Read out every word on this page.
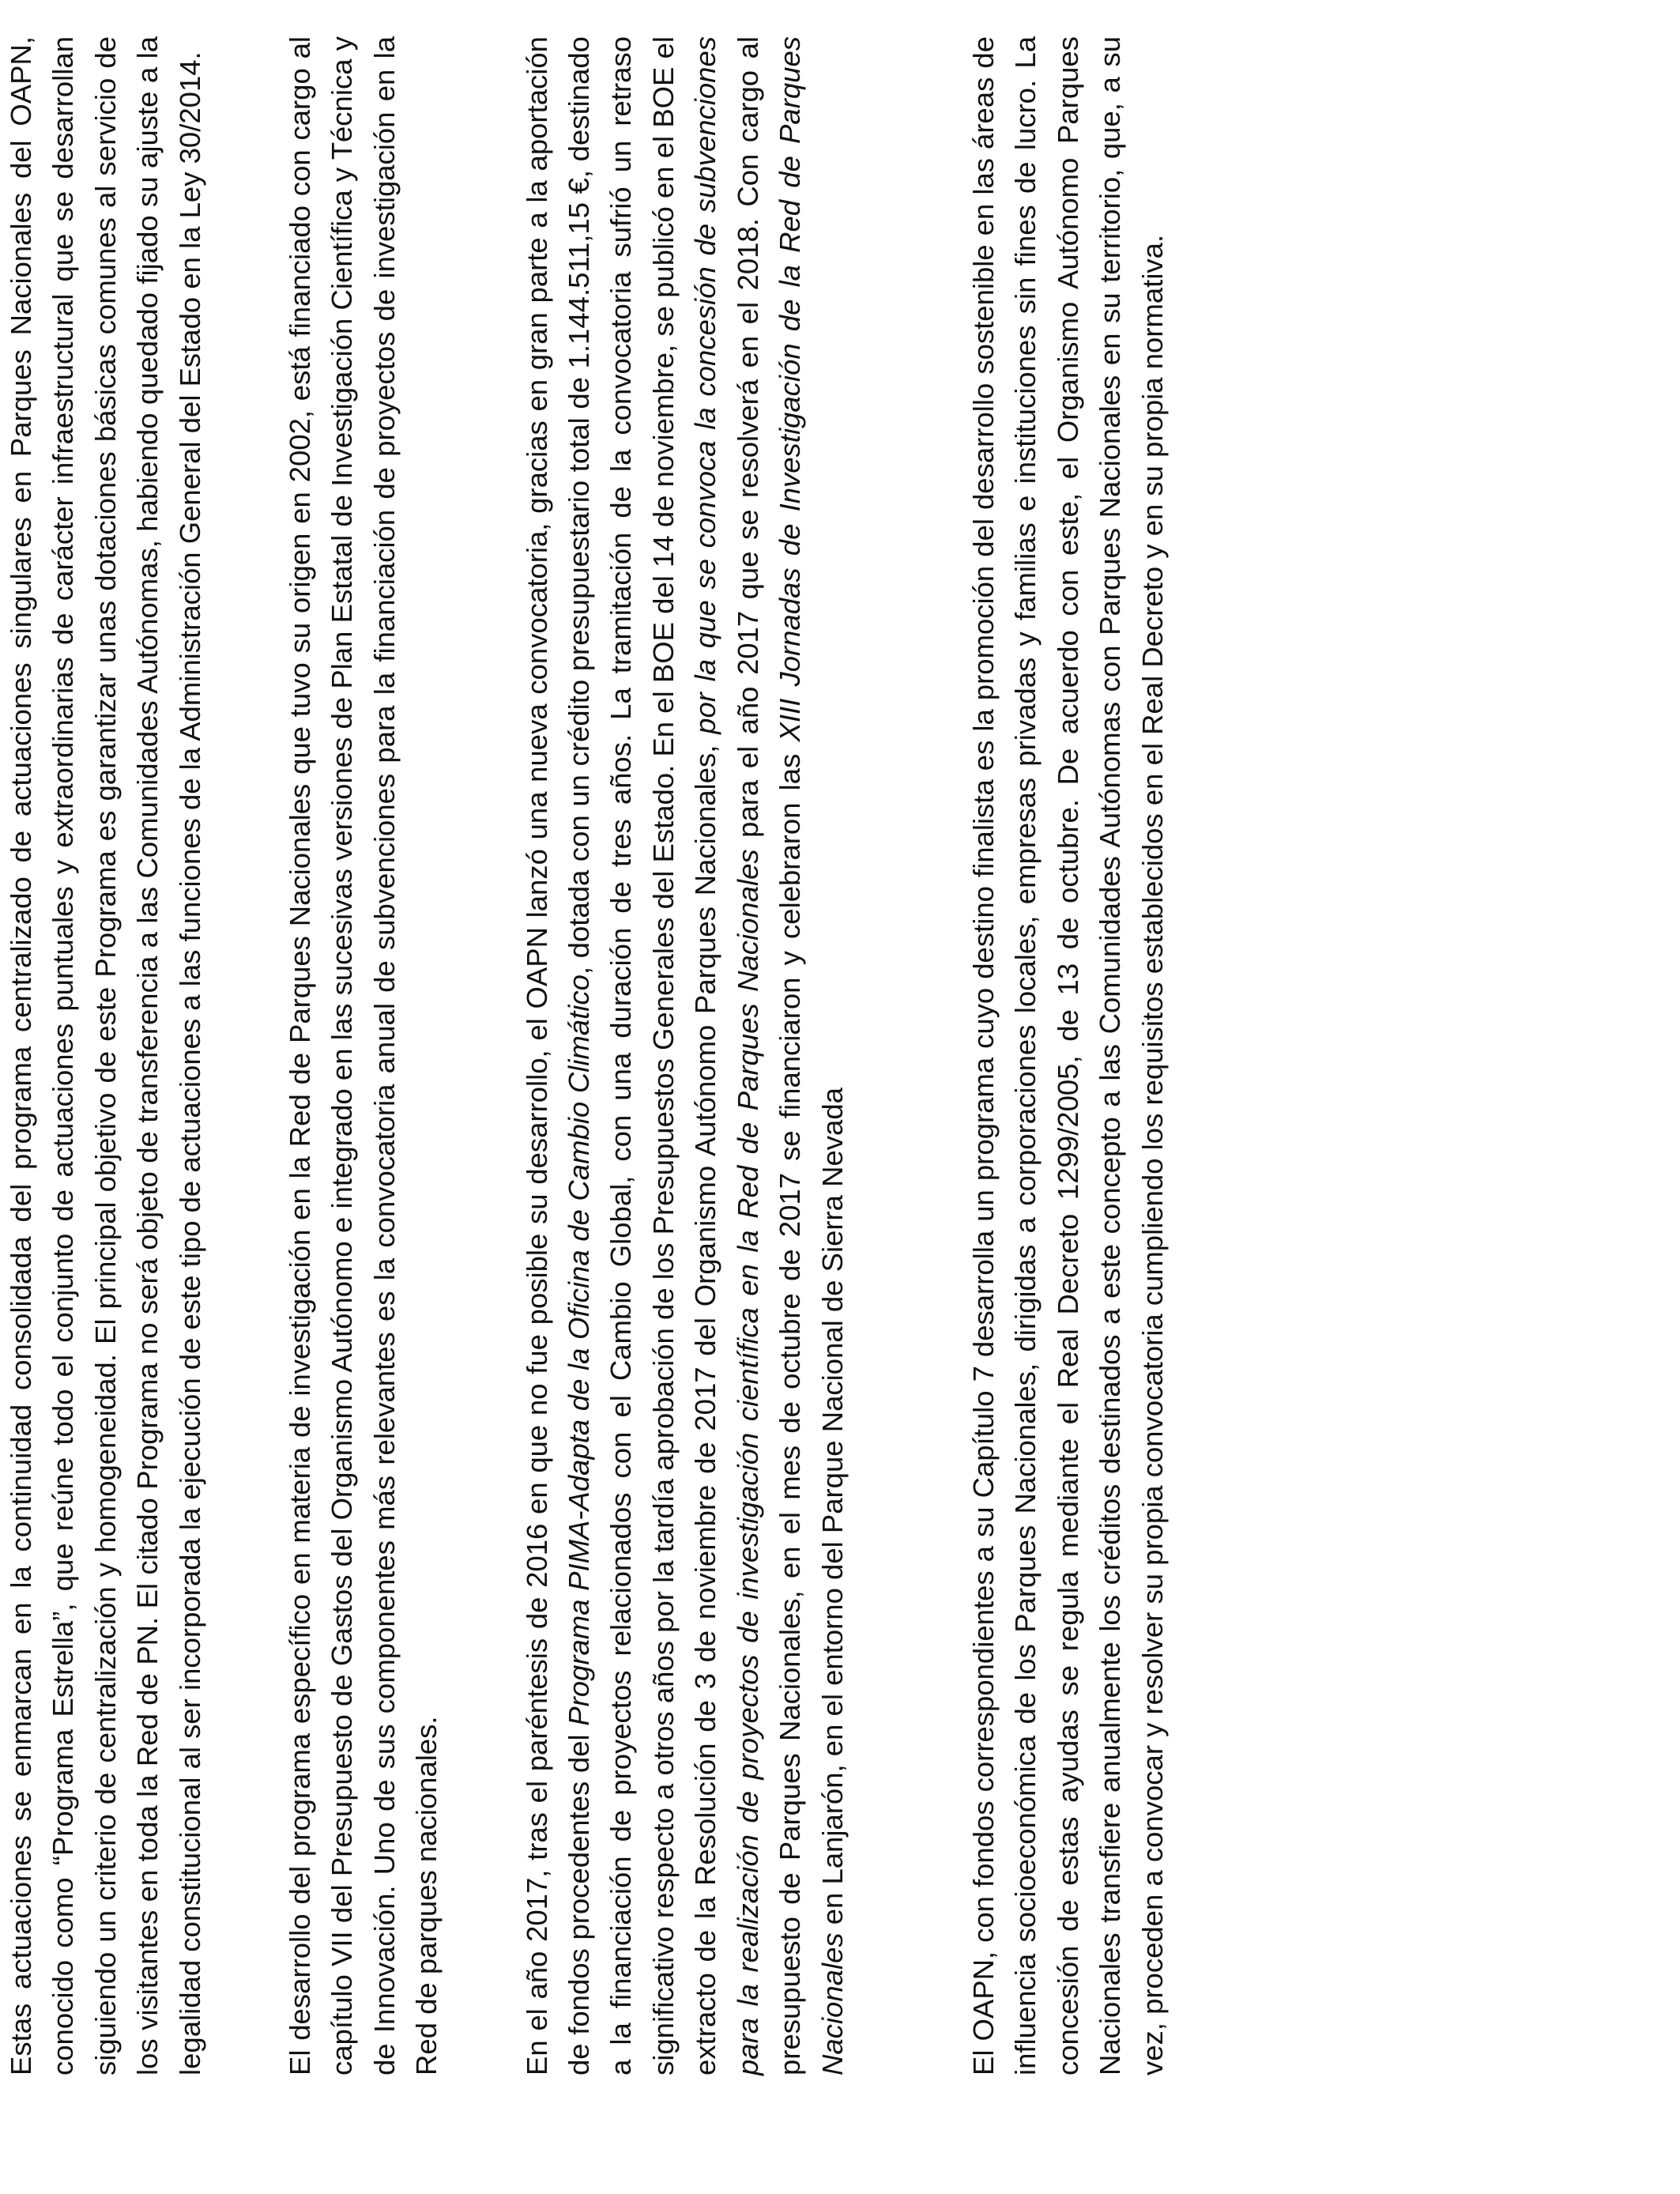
Estas actuaciones se enmarcan en la continuidad consolidada del programa centralizado de actuaciones singulares en Parques Nacionales del OAPN, conocido como “Programa Estrella”, que reúne todo el conjunto de actuaciones puntuales y extraordinarias de carácter infraestructural que se desarrollan siguiendo un criterio de centralización y homogeneidad. El principal objetivo de este Programa es garantizar unas dotaciones básicas comunes al servicio de los visitantes en toda la Red de PN. El citado Programa no será objeto de transferencia a las Comunidades Autónomas, habiendo quedado fijado su ajuste a la legalidad constitucional al ser incorporada la ejecución de este tipo de actuaciones a las funciones de la Administración General del Estado en la Ley 30/2014.	El desarrollo del programa específico en materia de investigación en la Red de Parques Nacionales que tuvo su origen en 2002, está financiado con cargo al capítulo VII del Presupuesto de Gastos del Organismo Autónomo e integrado en las sucesivas versiones de Plan Estatal de Investigación Científica y Técnica y de Innovación. Uno de sus componentes más relevantes es la convocatoria anual de subvenciones para la financiación de proyectos de investigación en la Red de parques nacionales.	En el año 2017, tras el paréntesis de 2016 en que no fue posible su desarrollo, el OAPN lanzó una nueva convocatoria, gracias en gran parte a la aportación de fondos procedentes del Programa PIMA-Adapta de la Oficina de Cambio Climático, dotada con un crédito presupuestario total de 1.144.511,15 €, destinado a la financiación de proyectos relacionados con el Cambio Global, con una duración de tres años. La tramitación de la convocatoria sufrió un retraso significativo respecto a otros años por la tardía aprobación de los Presupuestos Generales del Estado. En el BOE del 14 de noviembre, se publicó en el BOE el extracto de la Resolución de 3 de noviembre de 2017 del Organismo Autónomo Parques Nacionales, por la que se convoca la concesión de subvenciones para la realización de proyectos de investigación científica en la Red de Parques Nacionales para el año 2017 que se resolverá en el 2018. Con cargo al presupuesto de Parques Nacionales, en el mes de octubre de 2017 se financiaron y celebraron las XIII Jornadas de Investigación de la Red de Parques Nacionales en Lanjarón, en el entorno del Parque Nacional de Sierra Nevada	El OAPN, con fondos correspondientes a su Capítulo 7 desarrolla un programa cuyo destino finalista es la promoción del desarrollo sostenible en las áreas de influencia socioeconómica de los Parques Nacionales, dirigidas a corporaciones locales, empresas privadas y familias e instituciones sin fines de lucro. La concesión de estas ayudas se regula mediante el Real Decreto 1299/2005, de 13 de octubre. De acuerdo con este, el Organismo Autónomo Parques Nacionales transfiere anualmente los créditos destinados a este concepto a las Comunidades Autónomas con Parques Nacionales en su territorio, que, a su vez, proceden a convocar y resolver su propia convocatoria cumpliendo los requisitos establecidos en el Real Decreto y en su propia normativa.
